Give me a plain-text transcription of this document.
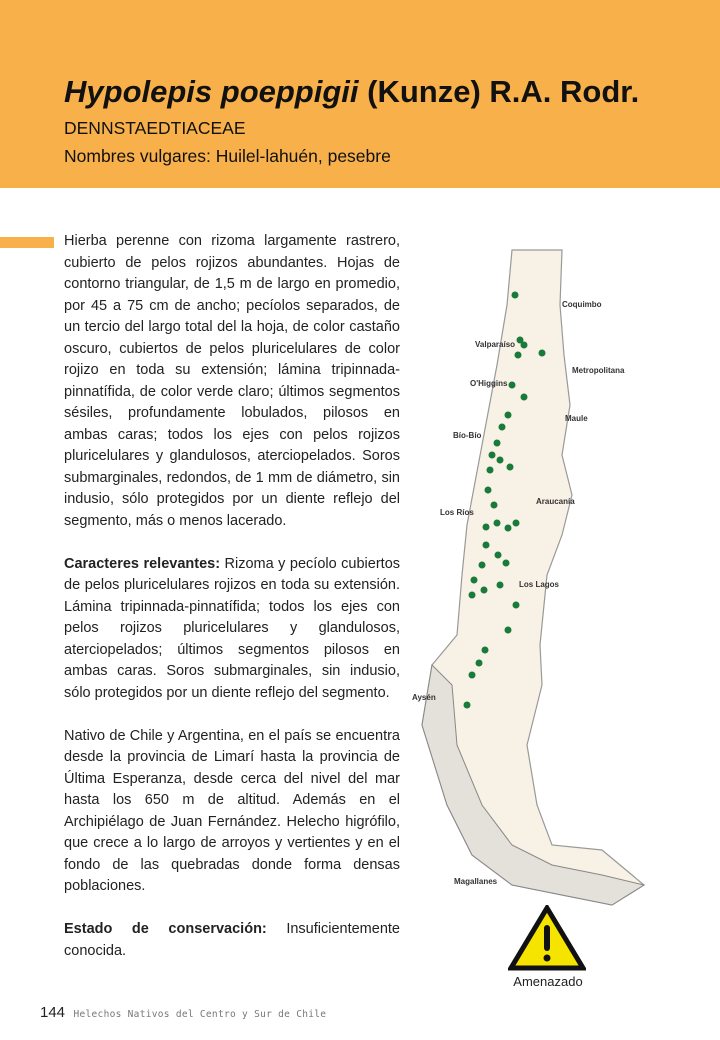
Hypolepis poeppigii (Kunze) R.A. Rodr.
DENNSTAEDTIACEAE
Nombres vulgares: Huilel-lahuén, pesebre

Hierba perenne con rizoma largamente rastrero, cubierto de pelos rojizos abundantes. Hojas de contorno triangular, de 1,5 m de largo en promedio, por 45 a 75 cm de ancho; pecíolos separados, de un tercio del largo total del la hoja, de color castaño oscuro, cubiertos de pelos pluricelulares de color rojizo en toda su extensión; lámina tripinnada-pinnatífida, de color verde claro; últimos segmentos sésiles, profundamente lobulados, pilosos en ambas caras; todos los ejes con pelos rojizos pluricelulares y glandulosos, aterciopelados. Soros submarginales, redondos, de 1 mm de diámetro, sin indusio, sólo protegidos por un diente reflejo del segmento, más o menos lacerado.

Caracteres relevantes: Rizoma y pecíolo cubiertos de pelos pluricelulares rojizos en toda su extensión. Lámina tripinnada-pinnatífida; todos los ejes con pelos rojizos pluricelulares y glandulosos, aterciopelados; últimos segmentos pilosos en ambas caras. Soros submarginales, sin indusio, sólo protegidos por un diente reflejo del segmento.

Nativo de Chile y Argentina, en el país se encuentra desde la provincia de Limarí hasta la provincia de Última Esperanza, desde cerca del nivel del mar hasta los 650 m de altitud. Además en el Archipiélago de Juan Fernández. Helecho higrófilo, que crece a lo largo de arroyos y vertientes y en el fondo de las quebradas donde forma densas poblaciones.

Estado de conservación: Insuficientemente conocida.

Coquimbo
Valparaíso
Metropolitana
O'Higgins
Maule
Bío-Bío
Araucanía
Los Ríos
Los Lagos
Aysén
Magallanes
Amenazado
144 Helechos Nativos del Centro y Sur de Chile
